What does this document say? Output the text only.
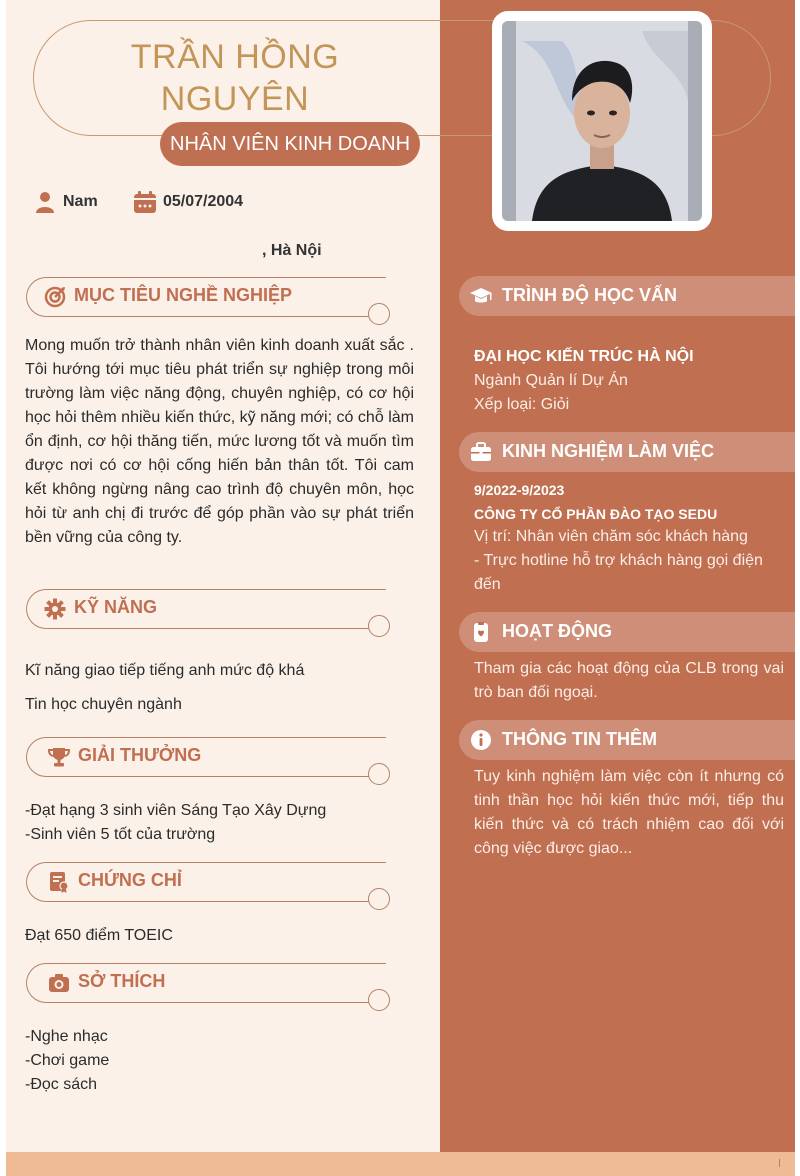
TRẦN HỒNG
NGUYÊN
NHÂN VIÊN KINH DOANH
Nam	05/07/2004
, Hà Nội
MỤC TIÊU NGHỀ NGHIỆP
Mong muốn trở thành nhân viên kinh doanh xuất sắc . Tôi hướng tới mục tiêu phát triển sự nghiệp trong môi trường làm việc năng động, chuyên nghiệp, có cơ hội học hỏi thêm nhiều kiến thức, kỹ năng mới; có chỗ làm ổn định, cơ hội thăng tiến, mức lương tốt và muốn tìm được nơi có cơ hội cống hiến bản thân tốt. Tôi cam kết không ngừng nâng cao trình độ chuyên môn, học hỏi từ anh chị đi trước để góp phần vào sự phát triển bền vững của công ty.
KỸ NĂNG
Kĩ năng giao tiếp tiếng anh mức độ khá
Tin học chuyên ngành
GIẢI THƯỞNG
-Đạt hạng 3 sinh viên Sáng Tạo Xây Dựng
-Sinh viên 5 tốt của trường
CHỨNG CHỈ
Đạt 650 điểm TOEIC
SỞ THÍCH
-Nghe nhạc
-Chơi game
-Đọc sách
TRÌNH ĐỘ HỌC VẤN
ĐẠI HỌC KIẾN TRÚC HÀ NỘI
Ngành Quản lí Dự Án
Xếp loại: Giỏi
KINH NGHIỆM LÀM VIỆC
9/2022-9/2023
CÔNG TY CỔ PHẦN ĐÀO TẠO SEDU
Vị trí: Nhân viên chăm sóc khách hàng
- Trực hotline hỗ trợ khách hàng gọi điện đến
HOẠT ĐỘNG
Tham gia các hoạt động của CLB trong vai trò ban đối ngoại.
THÔNG TIN THÊM
Tuy kinh nghiệm làm việc còn ít nhưng có tinh thần học hỏi kiến thức mới, tiếp thu kiến thức và có trách nhiệm cao đối với công việc được giao...
